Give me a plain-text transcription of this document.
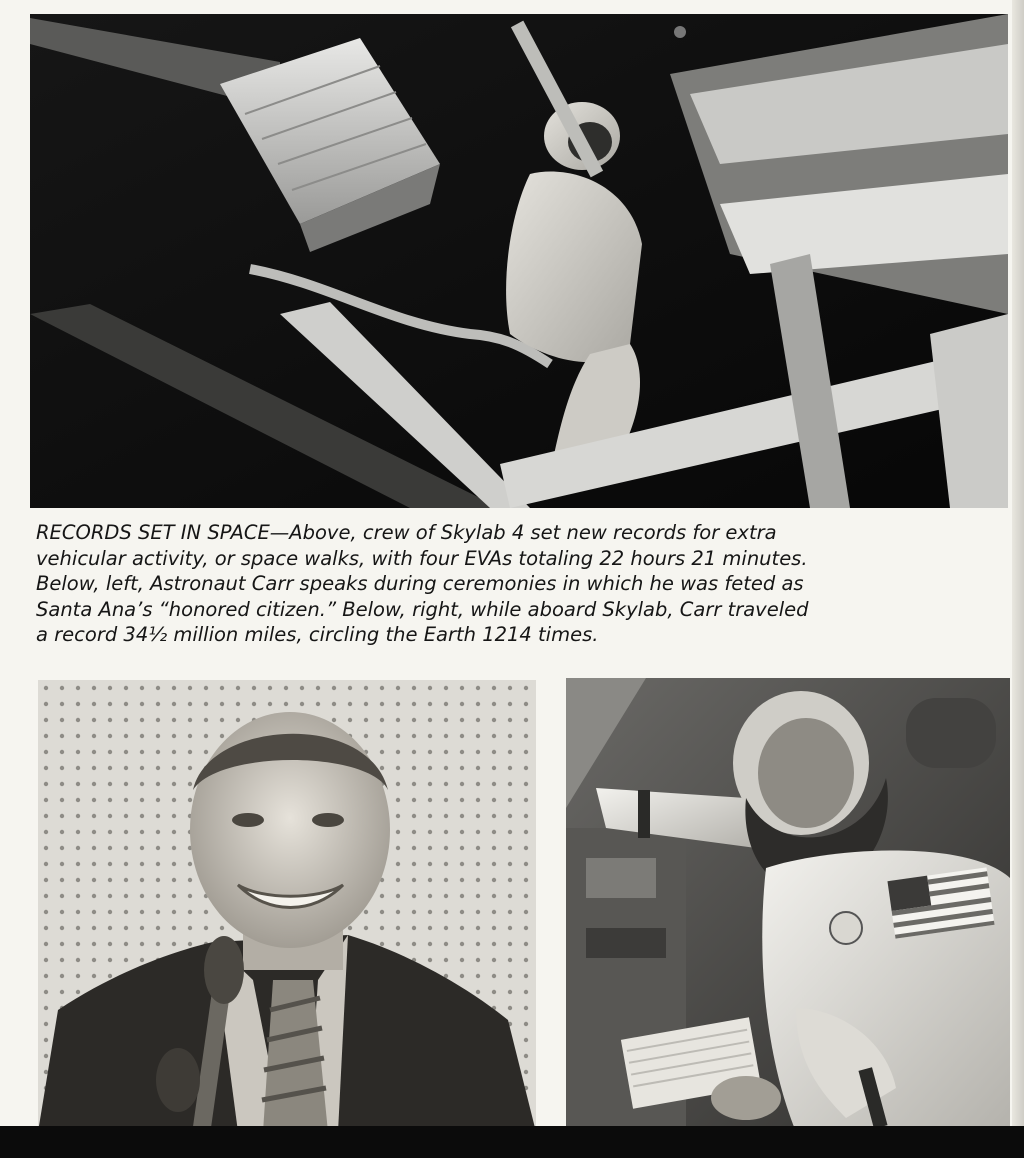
RECORDS SET IN SPACE—Above, crew of Skylab 4 set new records for extra
vehicular activity, or space walks, with four EVAs totaling 22 hours 21 minutes.
Below, left, Astronaut Carr speaks during ceremonies in which he was feted as
Santa Ana’s “honored citizen.” Below, right, while aboard Skylab, Carr traveled
a record 34½ million miles, circling the Earth 1214 times.
